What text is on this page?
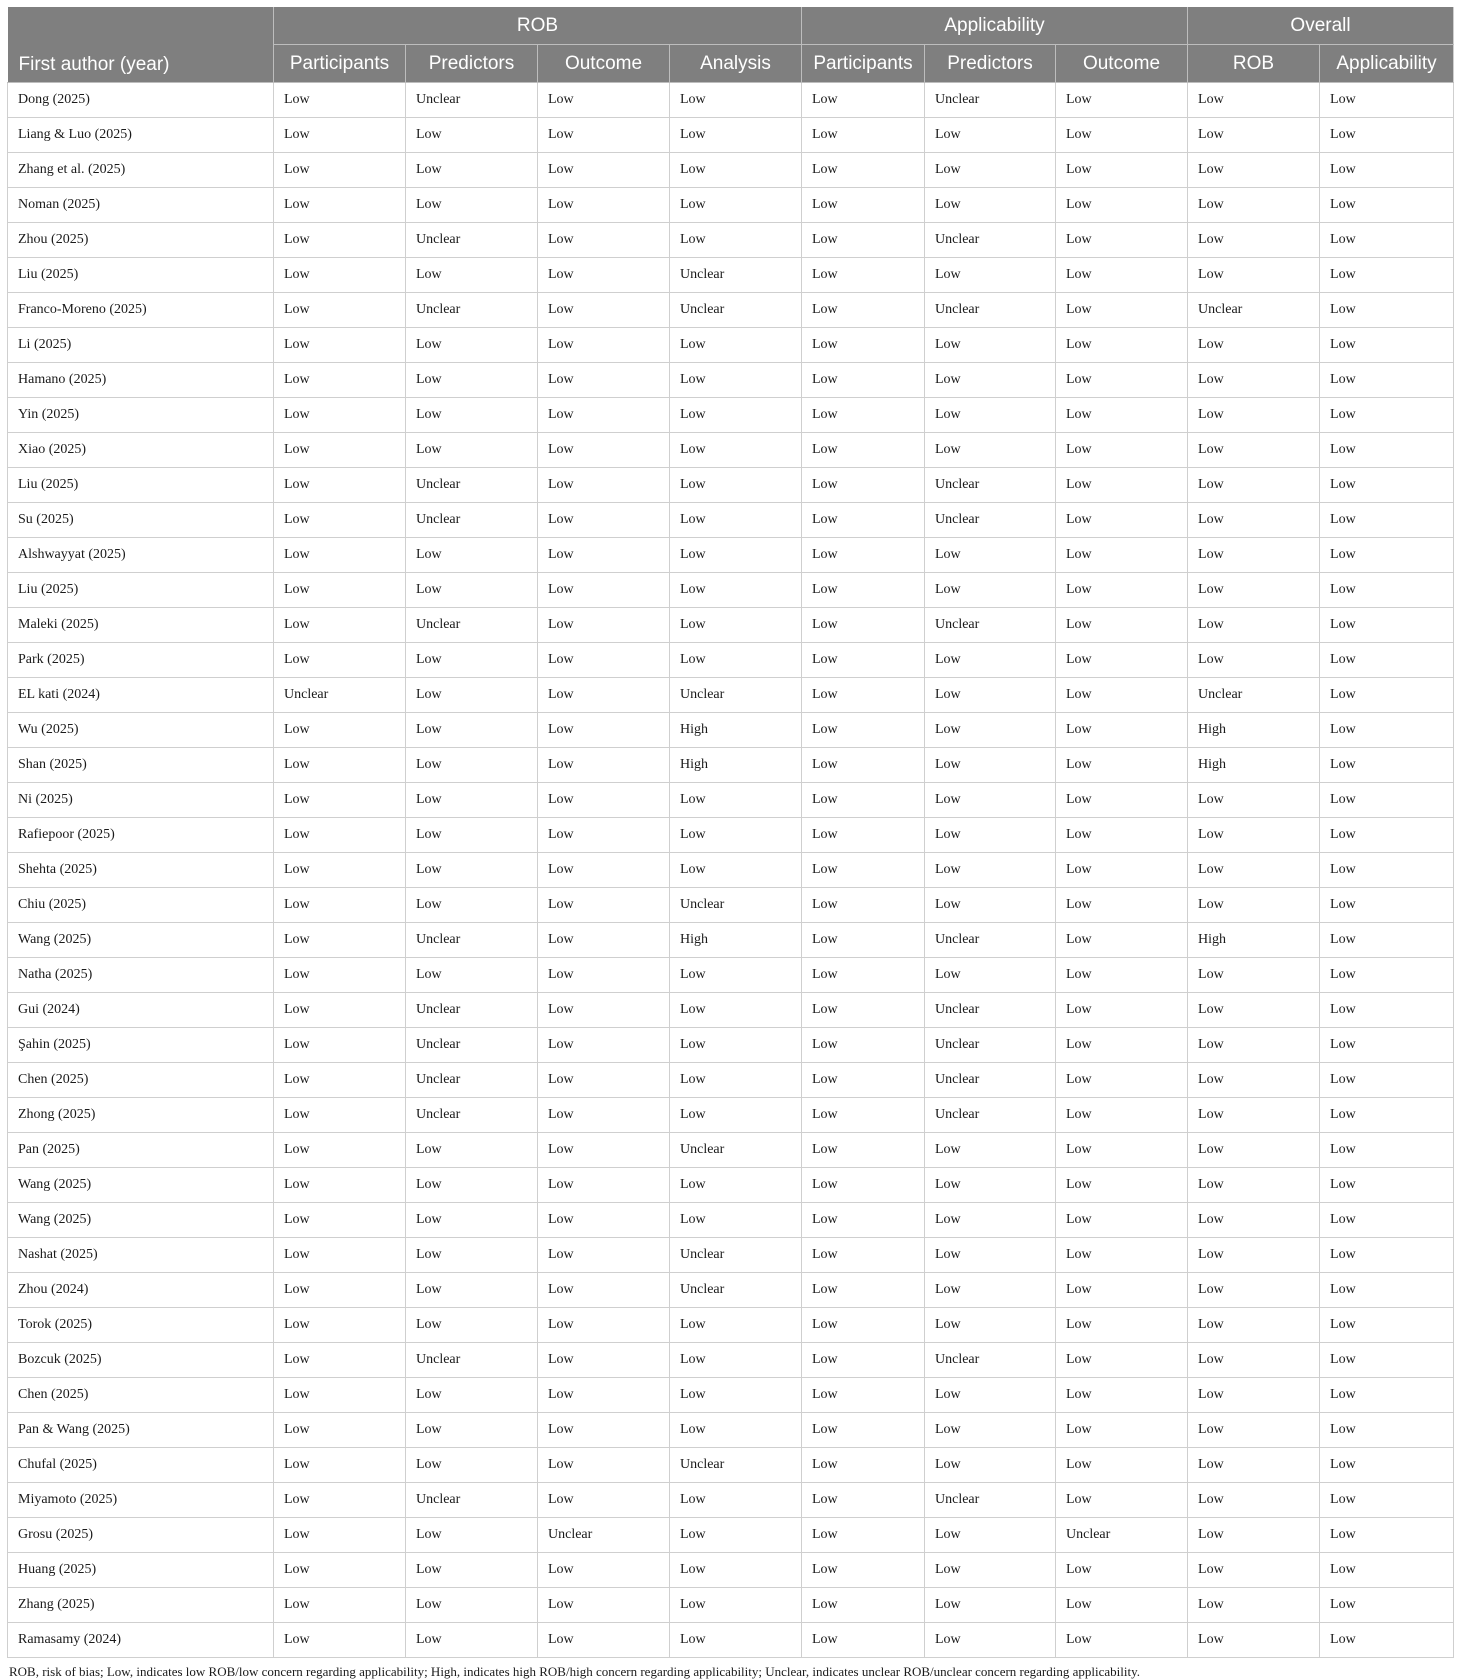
First author (year)	ROB				Applicability			Overall	
	Participants	Predictors	Outcome	Analysis	Participants	Predictors	Outcome	ROB	Applicability
Dong (2025)	Low	Unclear	Low	Low	Low	Unclear	Low	Low	Low
Liang & Luo (2025)	Low	Low	Low	Low	Low	Low	Low	Low	Low
Zhang et al. (2025)	Low	Low	Low	Low	Low	Low	Low	Low	Low
Noman (2025)	Low	Low	Low	Low	Low	Low	Low	Low	Low
Zhou (2025)	Low	Unclear	Low	Low	Low	Unclear	Low	Low	Low
Liu (2025)	Low	Low	Low	Unclear	Low	Low	Low	Low	Low
Franco-Moreno (2025)	Low	Unclear	Low	Unclear	Low	Unclear	Low	Unclear	Low
Li (2025)	Low	Low	Low	Low	Low	Low	Low	Low	Low
Hamano (2025)	Low	Low	Low	Low	Low	Low	Low	Low	Low
Yin (2025)	Low	Low	Low	Low	Low	Low	Low	Low	Low
Xiao (2025)	Low	Low	Low	Low	Low	Low	Low	Low	Low
Liu (2025)	Low	Unclear	Low	Low	Low	Unclear	Low	Low	Low
Su (2025)	Low	Unclear	Low	Low	Low	Unclear	Low	Low	Low
Alshwayyat (2025)	Low	Low	Low	Low	Low	Low	Low	Low	Low
Liu (2025)	Low	Low	Low	Low	Low	Low	Low	Low	Low
Maleki (2025)	Low	Unclear	Low	Low	Low	Unclear	Low	Low	Low
Park (2025)	Low	Low	Low	Low	Low	Low	Low	Low	Low
EL kati (2024)	Unclear	Low	Low	Unclear	Low	Low	Low	Unclear	Low
Wu (2025)	Low	Low	Low	High	Low	Low	Low	High	Low
Shan (2025)	Low	Low	Low	High	Low	Low	Low	High	Low
Ni (2025)	Low	Low	Low	Low	Low	Low	Low	Low	Low
Rafiepoor (2025)	Low	Low	Low	Low	Low	Low	Low	Low	Low
Shehta (2025)	Low	Low	Low	Low	Low	Low	Low	Low	Low
Chiu (2025)	Low	Low	Low	Unclear	Low	Low	Low	Low	Low
Wang (2025)	Low	Unclear	Low	High	Low	Unclear	Low	High	Low
Natha (2025)	Low	Low	Low	Low	Low	Low	Low	Low	Low
Gui (2024)	Low	Unclear	Low	Low	Low	Unclear	Low	Low	Low
Şahin (2025)	Low	Unclear	Low	Low	Low	Unclear	Low	Low	Low
Chen (2025)	Low	Unclear	Low	Low	Low	Unclear	Low	Low	Low
Zhong (2025)	Low	Unclear	Low	Low	Low	Unclear	Low	Low	Low
Pan (2025)	Low	Low	Low	Unclear	Low	Low	Low	Low	Low
Wang (2025)	Low	Low	Low	Low	Low	Low	Low	Low	Low
Wang (2025)	Low	Low	Low	Low	Low	Low	Low	Low	Low
Nashat (2025)	Low	Low	Low	Unclear	Low	Low	Low	Low	Low
Zhou (2024)	Low	Low	Low	Unclear	Low	Low	Low	Low	Low
Torok (2025)	Low	Low	Low	Low	Low	Low	Low	Low	Low
Bozcuk (2025)	Low	Unclear	Low	Low	Low	Unclear	Low	Low	Low
Chen (2025)	Low	Low	Low	Low	Low	Low	Low	Low	Low
Pan & Wang (2025)	Low	Low	Low	Low	Low	Low	Low	Low	Low
Chufal (2025)	Low	Low	Low	Unclear	Low	Low	Low	Low	Low
Miyamoto (2025)	Low	Unclear	Low	Low	Low	Unclear	Low	Low	Low
Grosu (2025)	Low	Low	Unclear	Low	Low	Low	Unclear	Low	Low
Huang (2025)	Low	Low	Low	Low	Low	Low	Low	Low	Low
Zhang (2025)	Low	Low	Low	Low	Low	Low	Low	Low	Low
Ramasamy (2024)	Low	Low	Low	Low	Low	Low	Low	Low	Low
ROB, risk of bias; Low, indicates low ROB/low concern regarding applicability; High, indicates high ROB/high concern regarding applicability; Unclear, indicates unclear ROB/unclear concern regarding applicability.
